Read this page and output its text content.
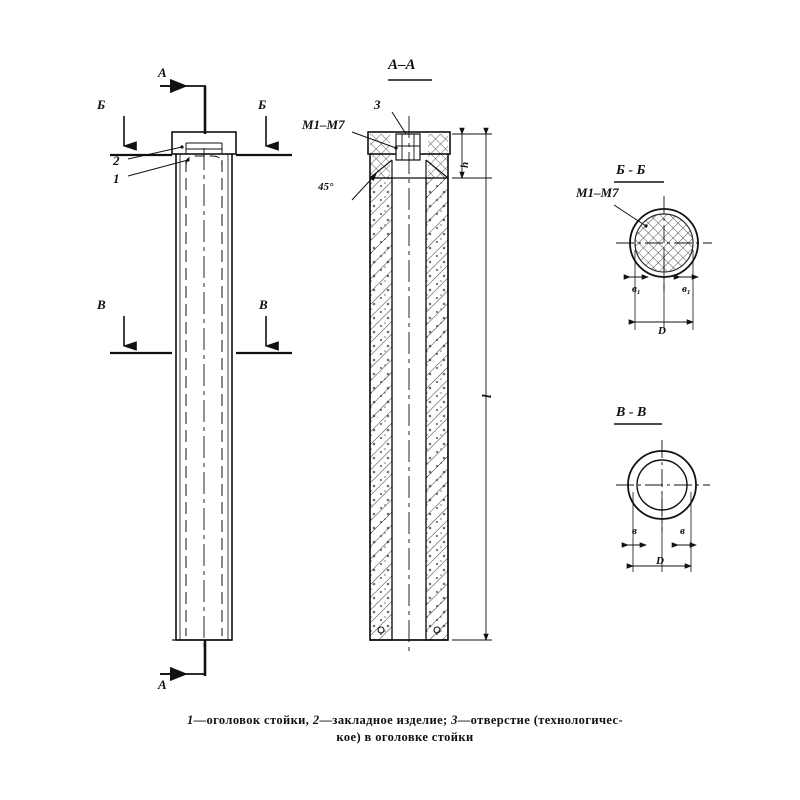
А
Б	Б
2
1
В	В
А
А–А
3
М1–М7
45°
h
l
Б - Б
М1–М7
в₁	в₁
D
В - В
в	в
D
1—оголовок стойки, 2—закладное изделие; 3—отверстие (технологичес-
кое) в оголовке стойки
